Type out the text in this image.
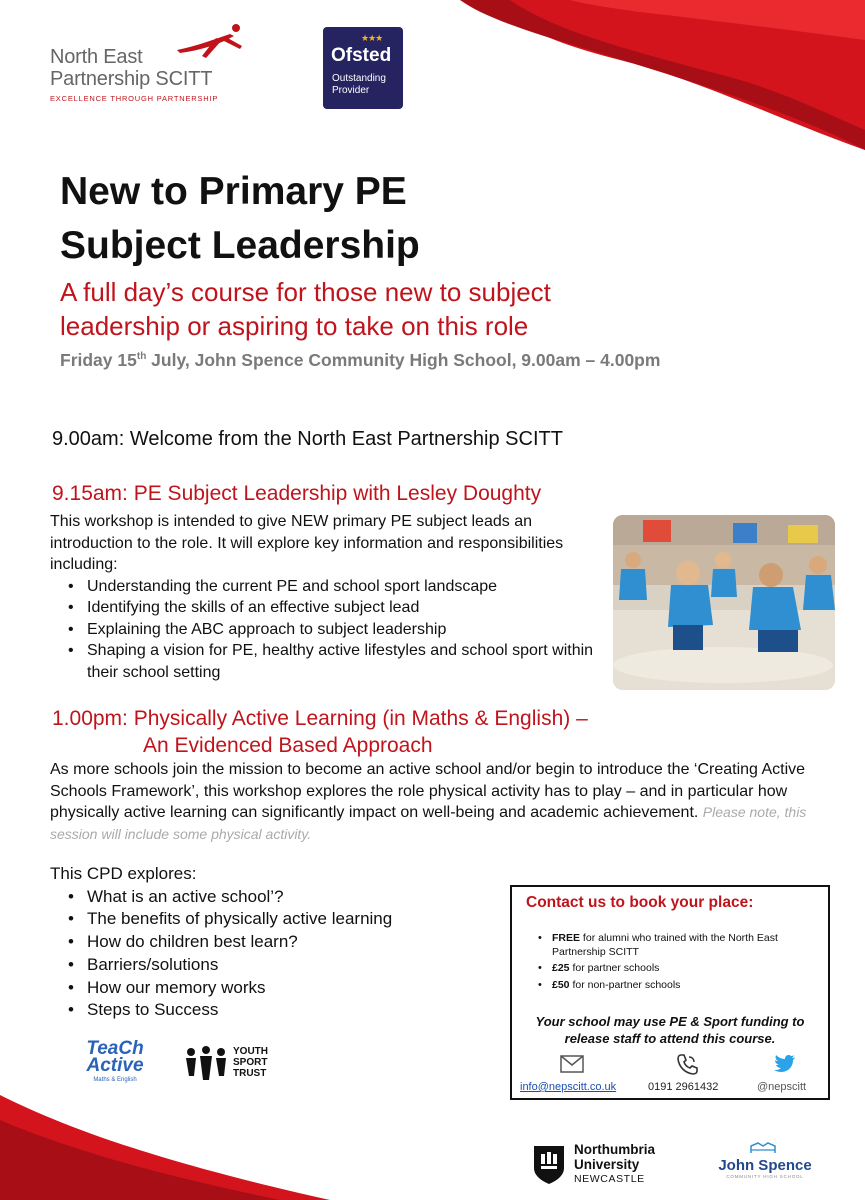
North East
Partnership SCITT
EXCELLENCE THROUGH PARTNERSHIP
★★★
Ofsted
Outstanding
Provider
New to Primary PE
Subject Leadership
A full day’s course for those new to subject
leadership or aspiring to take on this role
Friday 15th July, John Spence Community High School, 9.00am – 4.00pm
9.00am: Welcome from the North East Partnership SCITT
9.15am: PE Subject Leadership with Lesley Doughty
This workshop is intended to give NEW primary PE subject leads an introduction to the role. It will explore key information and responsibilities including:
• Understanding the current PE and school sport landscape
• Identifying the skills of an effective subject lead
• Explaining the ABC approach to subject leadership
• Shaping a vision for PE, healthy active lifestyles and school sport within their school setting
1.00pm: Physically Active Learning (in Maths & English) –
An Evidenced Based Approach
As more schools join the mission to become an active school and/or begin to introduce the ‘Creating Active Schools Framework’, this workshop explores the role physical activity has to play – and in particular how physically active learning can significantly impact on well-being and academic achievement. Please note, this session will include some physical activity.
This CPD explores:
• What is an active school’?
• The benefits of physically active learning
• How do children best learn?
• Barriers/solutions
• How our memory works
• Steps to Success
Contact us to book your place:
• FREE for alumni who trained with the North East Partnership SCITT
• £25 for partner schools
• £50 for non-partner schools
Your school may use PE & Sport funding to release staff to attend this course.
info@nepscitt.co.uk	0191 2961432	@nepscitt
TeaCh
Active
Maths & English
YOUTH
SPORT
TRUST
Northumbria
University
NEWCASTLE
John Spence
COMMUNITY HIGH SCHOOL
